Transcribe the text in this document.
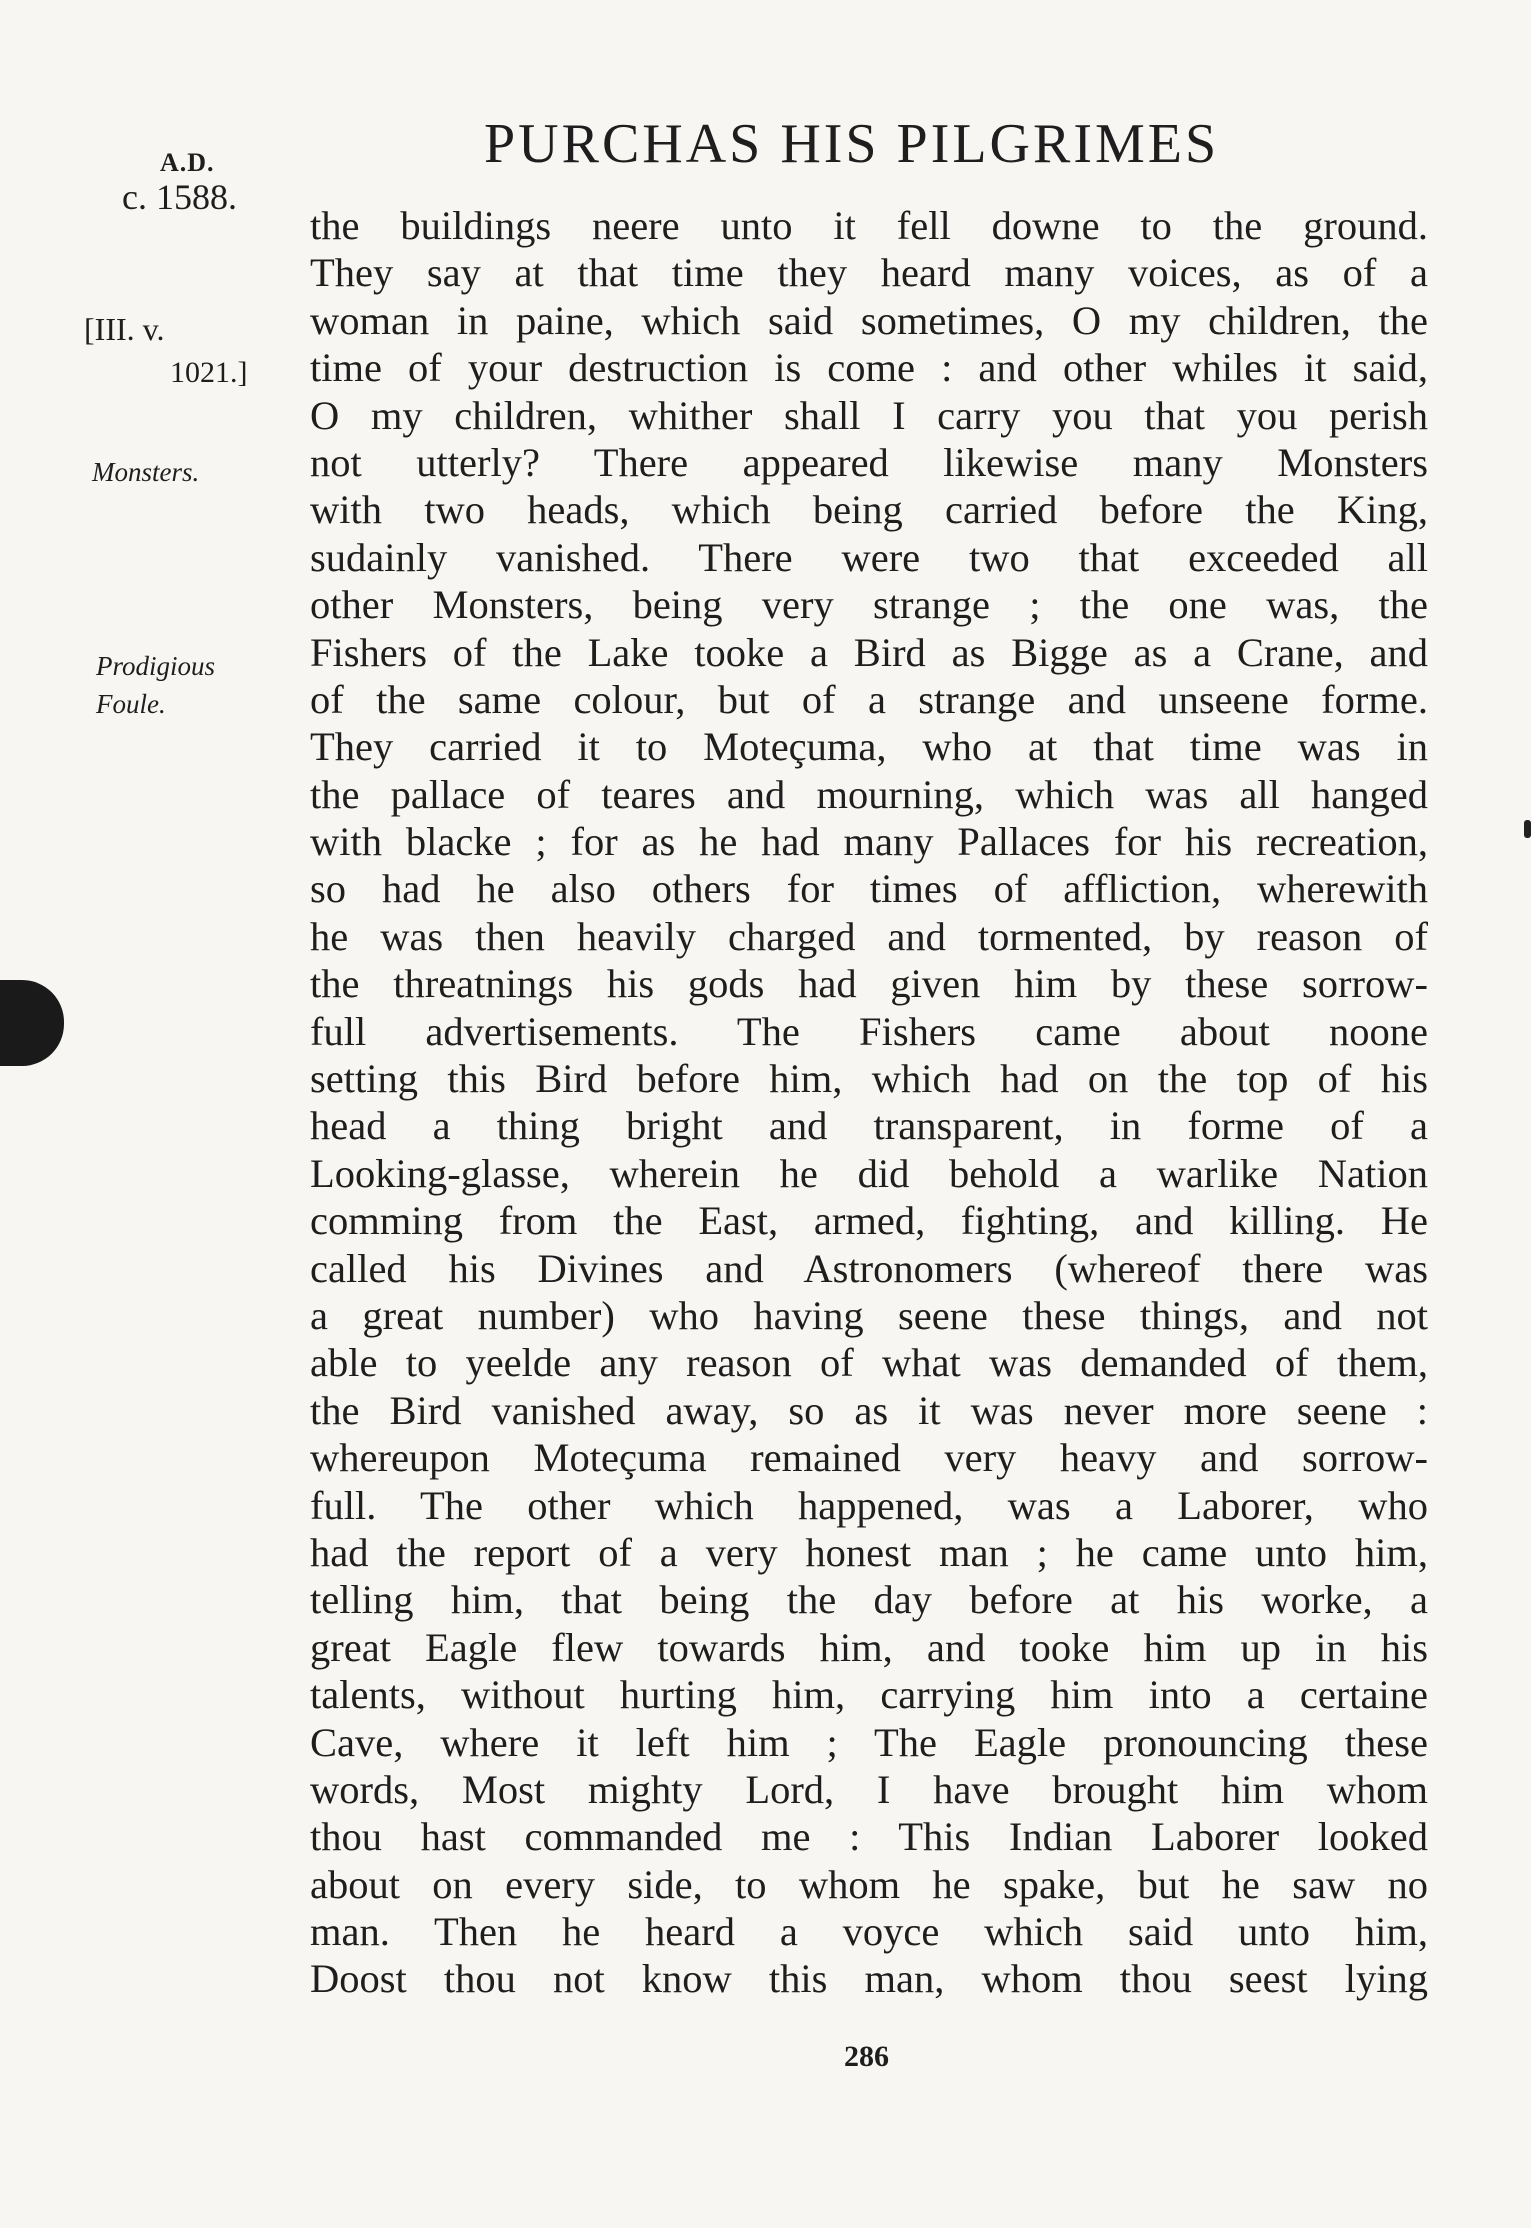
A.D.
c. 1588.
PURCHAS HIS PILGRIMES
[III. v.
1021.]
Monsters.
Prodigious
Foule.
the buildings neere unto it fell downe to the ground.
They say at that time they heard many voices, as of a
woman in paine, which said sometimes, O my children, the
time of your destruction is come : and other whiles it said,
O my children, whither shall I carry you that you perish
not utterly? There appeared likewise many Monsters
with two heads, which being carried before the King,
sudainly vanished. There were two that exceeded all
other Monsters, being very strange ; the one was, the
Fishers of the Lake tooke a Bird as Bigge as a Crane, and
of the same colour, but of a strange and unseene forme.
They carried it to Moteçuma, who at that time was in
the pallace of teares and mourning, which was all hanged
with blacke ; for as he had many Pallaces for his recreation,
so had he also others for times of affliction, wherewith
he was then heavily charged and tormented, by reason of
the threatnings his gods had given him by these sorrow-
full advertisements. The Fishers came about noone
setting this Bird before him, which had on the top of his
head a thing bright and transparent, in forme of a
Looking-glasse, wherein he did behold a warlike Nation
comming from the East, armed, fighting, and killing. He
called his Divines and Astronomers (whereof there was
a great number) who having seene these things, and not
able to yeelde any reason of what was demanded of them,
the Bird vanished away, so as it was never more seene :
whereupon Moteçuma remained very heavy and sorrow-
full. The other which happened, was a Laborer, who
had the report of a very honest man ; he came unto him,
telling him, that being the day before at his worke, a
great Eagle flew towards him, and tooke him up in his
talents, without hurting him, carrying him into a certaine
Cave, where it left him ; The Eagle pronouncing these
words, Most mighty Lord, I have brought him whom
thou hast commanded me : This Indian Laborer looked
about on every side, to whom he spake, but he saw no
man. Then he heard a voyce which said unto him,
Doost thou not know this man, whom thou seest lying
286
